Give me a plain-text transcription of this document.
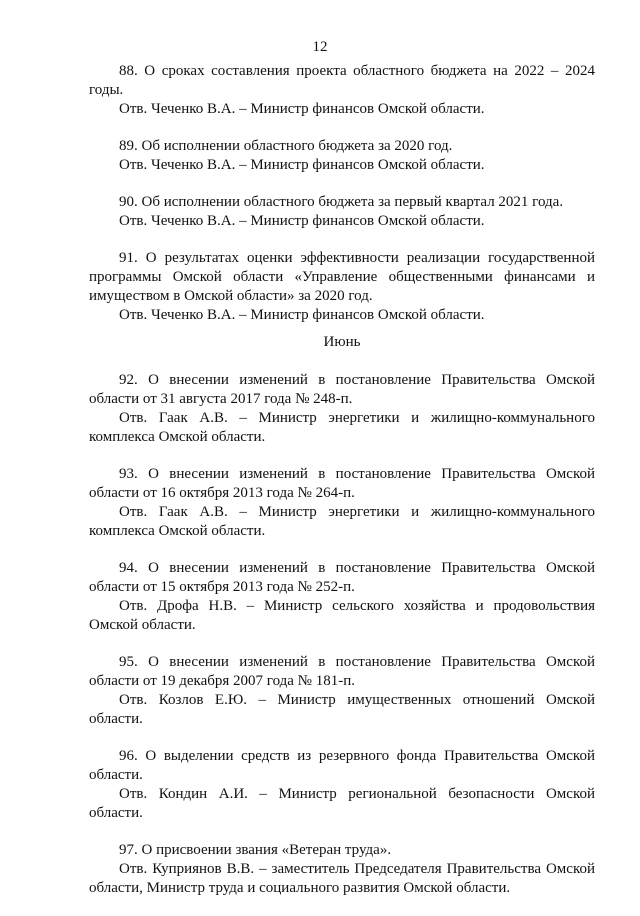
12

88. О сроках составления проекта областного бюджета на 2022 – 2024 годы.

Отв. Чеченко В.А. – Министр финансов Омской области.

89. Об исполнении областного бюджета за 2020 год.

Отв. Чеченко В.А. – Министр финансов Омской области.

90. Об исполнении областного бюджета за первый квартал 2021 года.

Отв. Чеченко В.А. – Министр финансов Омской области.

91. О результатах оценки эффективности реализации государственной программы Омской области «Управление общественными финансами и имуществом в Омской области» за 2020 год.

Отв. Чеченко В.А. – Министр финансов Омской области.

Июнь

92. О внесении изменений в постановление Правительства Омской области от 31 августа 2017 года № 248-п.

Отв. Гаак А.В. – Министр энергетики и жилищно-коммунального комплекса Омской области.

93. О внесении изменений в постановление Правительства Омской области от 16 октября 2013 года № 264-п.

Отв. Гаак А.В. – Министр энергетики и жилищно-коммунального комплекса Омской области.

94. О внесении изменений в постановление Правительства Омской области от 15 октября 2013 года № 252-п.

Отв. Дрофа Н.В. – Министр сельского хозяйства и продовольствия Омской области.

95. О внесении изменений в постановление Правительства Омской области от 19 декабря 2007 года № 181-п.

Отв. Козлов Е.Ю. – Министр имущественных отношений Омской области.

96. О выделении средств из резервного фонда Правительства Омской области.

Отв. Кондин А.И. – Министр региональной безопасности Омской области.

97. О присвоении звания «Ветеран труда».

Отв. Куприянов В.В. – заместитель Председателя Правительства Омской области, Министр труда и социального развития Омской области.
